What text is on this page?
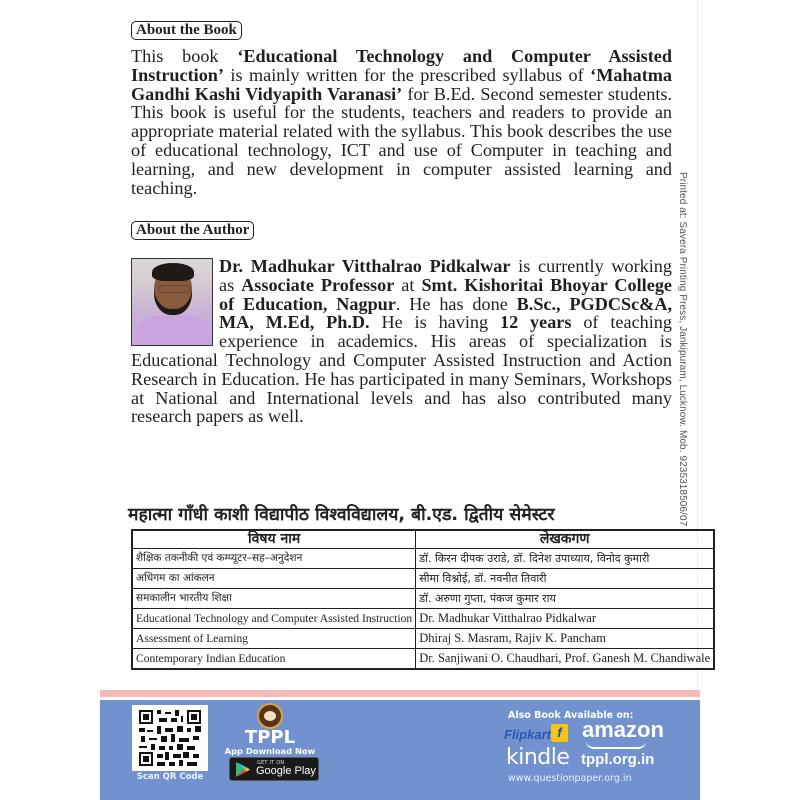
About the Book
This book ‘Educational Technology and Computer Assisted Instruction’ is mainly written for the prescribed syllabus of ‘Mahatma Gandhi Kashi Vidyapith Varanasi’ for B.Ed. Second semester students. This book is useful for the students, teachers and readers to provide an appropriate material related with the syllabus. This book describes the use of educational technology, ICT and use of Computer in teaching and learning, and new development in computer assisted learning and teaching.
About the Author
Dr. Madhukar Vitthalrao Pidkalwar is currently working as Associate Professor at Smt. Kishoritai Bhoyar College of Education, Nagpur. He has done B.Sc., PGDCSc&A, MA, M.Ed, Ph.D. He is having 12 years of teaching experience in academics. His areas of specialization is Educational Technology and Computer Assisted Instruction and Action Research in Education. He has participated in many Seminars, Workshops at National and International levels and has also contributed many research papers as well.	Printed at: Savera Printing Press, Jankipuram, Lucknow. Mob. 9235318506/07
महात्मा गाँधी काशी विद्यापीठ विश्वविद्यालय, बी.एड. द्वितीय सेमेस्टर
विषय नाम	लेखकगण
शैक्षिक तकनीकी एवं कम्प्यूटर–सह–अनुदेशन	डॉ. किरन दीपक उराडे, डॉ. दिनेश उपाध्याय, विनोद कुमारी
अधिगम का आंकलन	सीमा विश्नोई, डॉ. नवनीत तिवारी
समकालीन भारतीय शिक्षा	डॉ. अरुणा गुप्ता, पंकज कुमार राय
Educational Technology and Computer Assisted Instruction	Dr. Madhukar Vitthalrao Pidkalwar
Assessment of Learning	Dhiraj S. Masram, Rajiv K. Pancham
Contemporary Indian Education	Dr. Sanjiwani O. Chaudhari, Prof. Ganesh M. Chandiwale
Scan QR Code
TPPL
App Download Now
GET IT ON
Google Play
Also Book Available on:
Flipkart f amazon
kindle tppl.org.in
www.questionpaper.org.in
